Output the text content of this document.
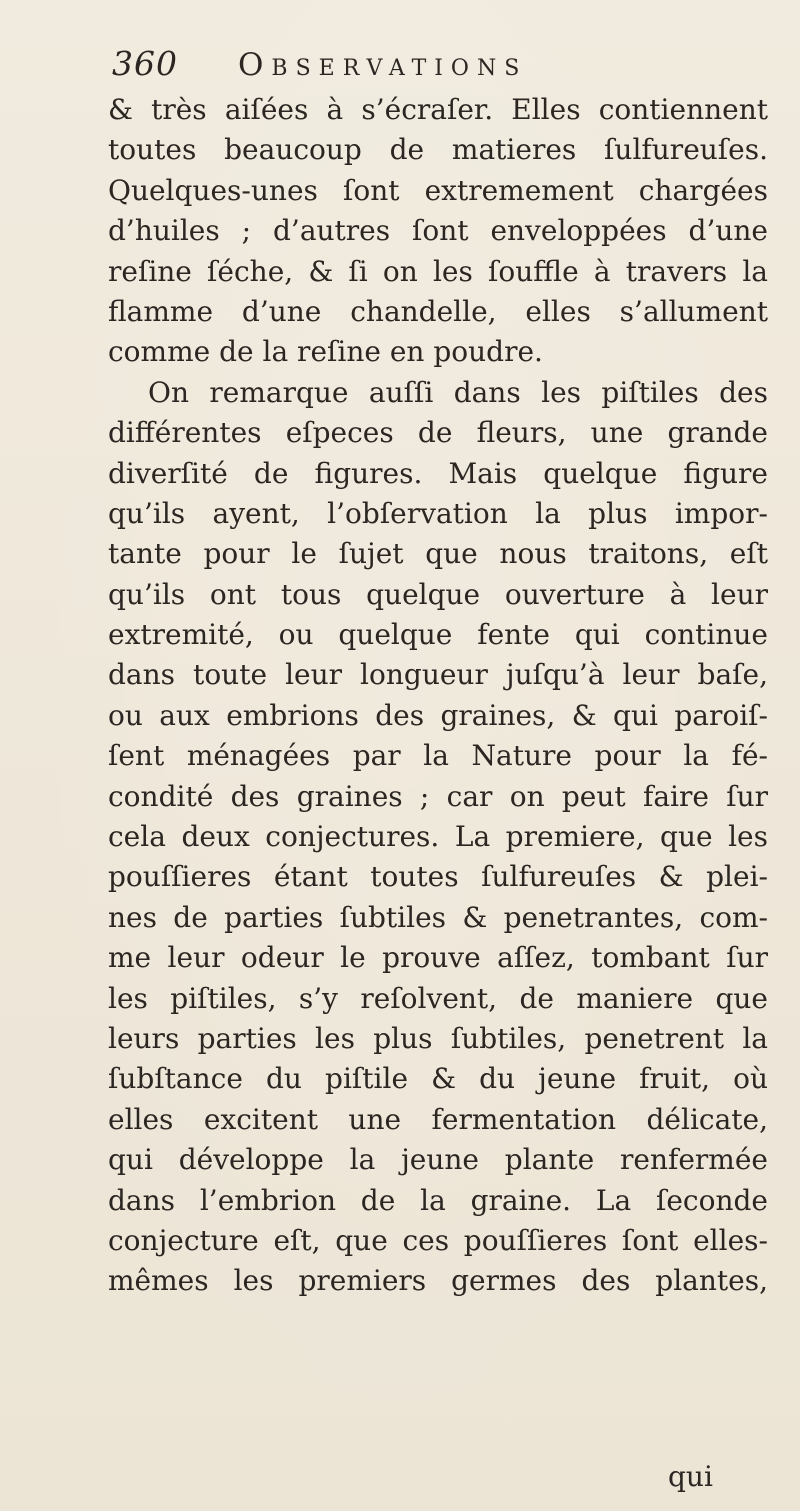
360 Observations
& très aiſées à s’écraſer. Elles contiennent
toutes beaucoup de matieres ſulfureuſes.
Quelques-unes ſont extremement chargées
d’huiles ; d’autres ſont enveloppées d’une
reſine ſéche, & ſi on les ſouffle à travers la
flamme d’une chandelle, elles s’allument
comme de la reſine en poudre.
On remarque auſſi dans les piſtiles des
différentes eſpeces de fleurs, une grande
diverſité de figures. Mais quelque figure
qu’ils ayent, l’obſervation la plus impor-
tante pour le ſujet que nous traitons, eſt
qu’ils ont tous quelque ouverture à leur
extremité, ou quelque fente qui continue
dans toute leur longueur juſqu’à leur baſe,
ou aux embrions des graines, & qui paroiſ-
ſent ménagées par la Nature pour la fé-
condité des graines ; car on peut faire ſur
cela deux conjectures. La premiere, que les
pouſſieres étant toutes ſulfureuſes & plei-
nes de parties ſubtiles & penetrantes, com-
me leur odeur le prouve aſſez, tombant ſur
les piſtiles, s’y reſolvent, de maniere que
leurs parties les plus ſubtiles, penetrent la
ſubſtance du piſtile & du jeune fruit, où
elles excitent une fermentation délicate,
qui développe la jeune plante renfermée
dans l’embrion de la graine. La ſeconde
conjecture eſt, que ces pouſſieres ſont elles-
mêmes les premiers germes des plantes,
qui
